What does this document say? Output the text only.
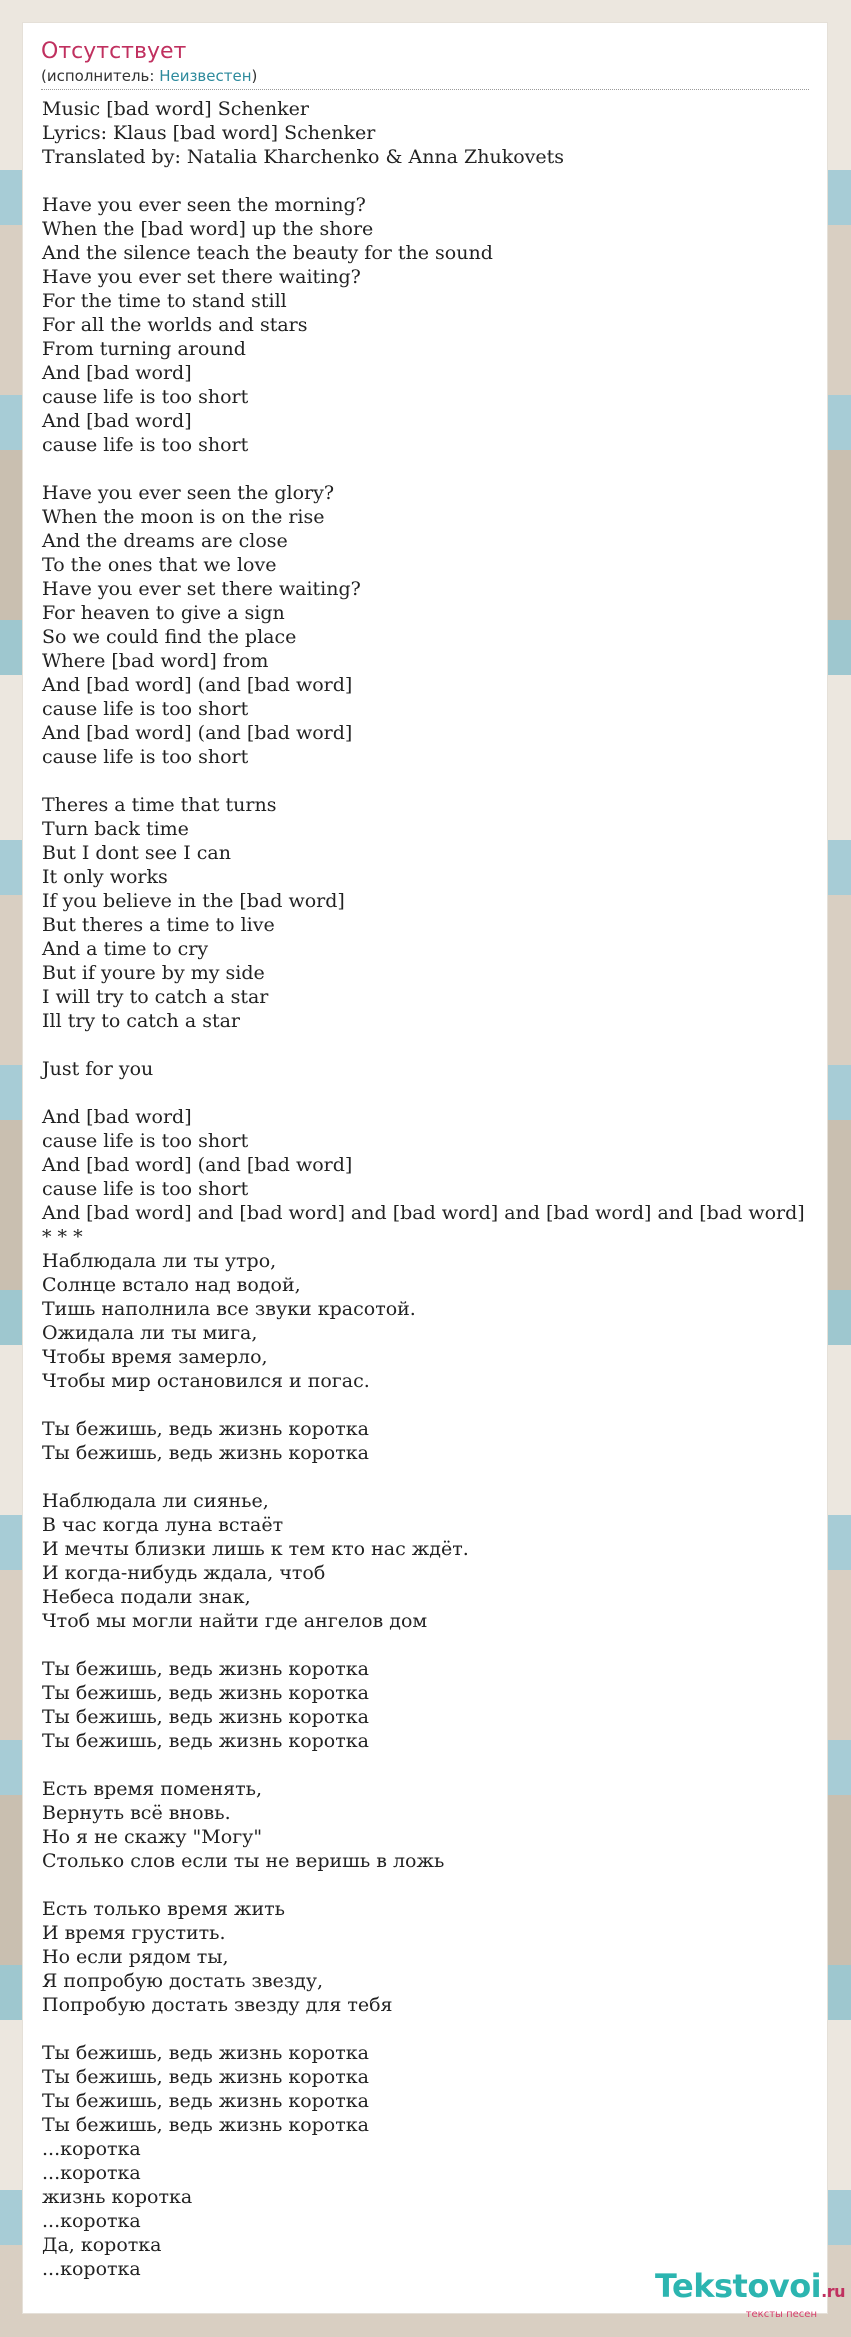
Отсутствует
(исполнитель: Неизвестен)
Music [bad word] Schenker
Lyrics: Klaus [bad word] Schenker
Translated by: Natalia Kharchenko & Anna Zhukovets
Have you ever seen the morning?
When the [bad word] up the shore
And the silence teach the beauty for the sound
Have you ever set there waiting?
For the time to stand still
For all the worlds and stars
From turning around
And [bad word]
cause life is too short
And [bad word]
cause life is too short
Have you ever seen the glory?
When the moon is on the rise
And the dreams are close
To the ones that we love
Have you ever set there waiting?
For heaven to give a sign
So we could find the place
Where [bad word] from
And [bad word] (and [bad word]
cause life is too short
And [bad word] (and [bad word]
cause life is too short
Theres a time that turns
Turn back time
But I dont see I can
It only works
If you believe in the [bad word]
But theres a time to live
And a time to cry
But if youre by my side
I will try to catch a star
Ill try to catch a star
Just for you
And [bad word]
cause life is too short
And [bad word] (and [bad word]
cause life is too short
And [bad word] and [bad word] and [bad word] and [bad word] and [bad word]
* * *
Наблюдала ли ты утро,
Солнце встало над водой,
Тишь наполнила все звуки красотой.
Ожидала ли ты мига,
Чтобы время замерло,
Чтобы мир остановился и погас.
Ты бежишь, ведь жизнь коротка
Ты бежишь, ведь жизнь коротка
Наблюдала ли сиянье,
В час когда луна встаёт
И мечты близки лишь к тем кто нас ждёт.
И когда-нибудь ждала, чтоб
Небеса подали знак,
Чтоб мы могли найти где ангелов дом
Ты бежишь, ведь жизнь коротка
Ты бежишь, ведь жизнь коротка
Ты бежишь, ведь жизнь коротка
Ты бежишь, ведь жизнь коротка
Есть время поменять,
Вернуть всё вновь.
Но я не скажу "Могу"
Столько слов если ты не веришь в ложь
Есть только время жить
И время грустить.
Но если рядом ты,
Я попробую достать звезду,
Попробую достать звезду для тебя
Ты бежишь, ведь жизнь коротка
Ты бежишь, ведь жизнь коротка
Ты бежишь, ведь жизнь коротка
Ты бежишь, ведь жизнь коротка
...коротка
...коротка
жизнь коротка
...коротка
Да, коротка
...коротка	Tekstovoi.ru
тексты песен
